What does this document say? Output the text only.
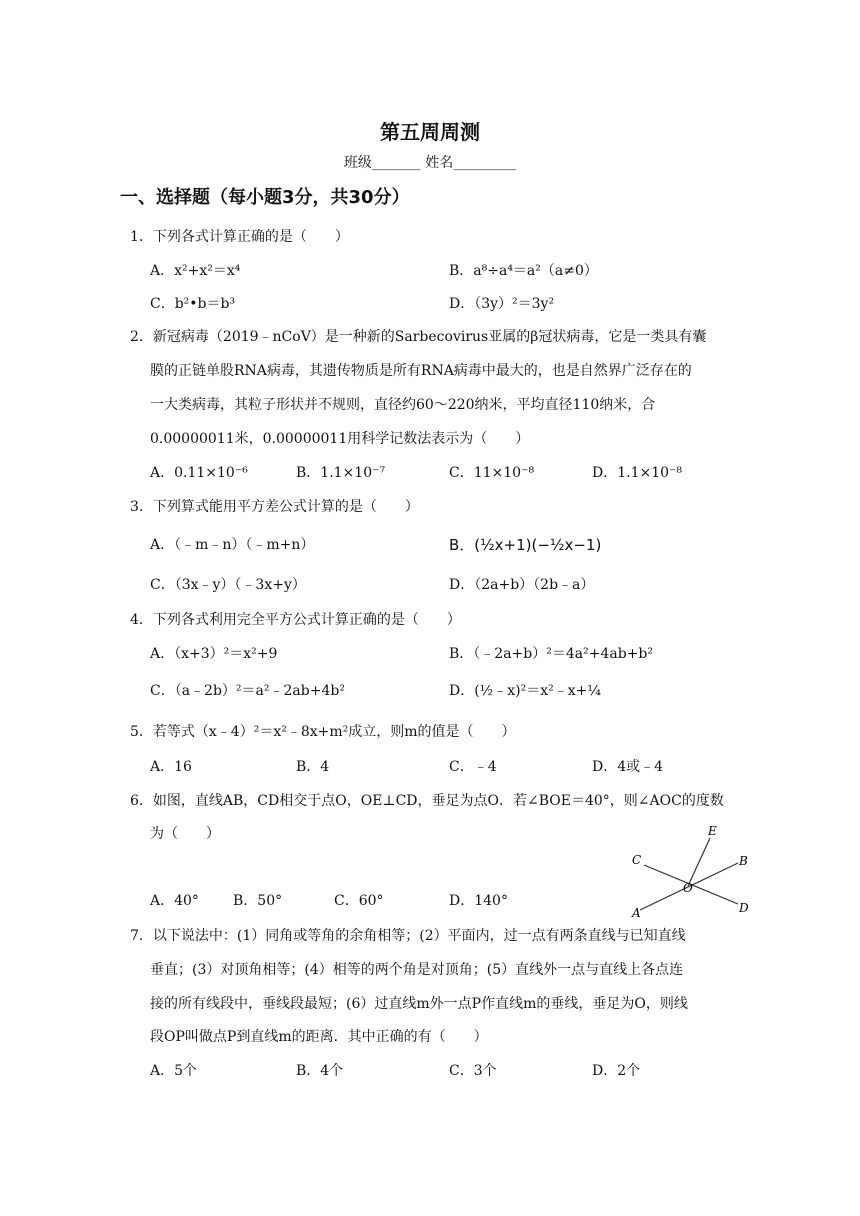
第五周周测
班级_______ 姓名_________
一、选择题（每小题3分，共30分）
1．下列各式计算正确的是（　　）
A．x²+x²＝x⁴	B．a⁸÷a⁴＝a²（a≠0）
C．b²•b＝b³	D．（3y）²＝3y²
2．新冠病毒（2019﹣nCoV）是一种新的Sarbecovirus亚属的β冠状病毒，它是一类具有囊
膜的正链单股RNA病毒，其遗传物质是所有RNA病毒中最大的，也是自然界广泛存在的
一大类病毒，其粒子形状并不规则，直径约60～220纳米，平均直径110纳米，合
0.00000011米，0.00000011用科学记数法表示为（　　）
A．0.11×10⁻⁶	B．1.1×10⁻⁷	C．11×10⁻⁸	D．1.1×10⁻⁸
3．下列算式能用平方差公式计算的是（　　）
A．（﹣m﹣n）（﹣m+n）	B．(½x+1)(−½x−1)
C．（3x﹣y）（﹣3x+y）	D．（2a+b）（2b﹣a）
4．下列各式利用完全平方公式计算正确的是（　　）
A．（x+3）²＝x²+9	B．（﹣2a+b）²＝4a²+4ab+b²
C．（a﹣2b）²＝a²﹣2ab+4b²	D．(½﹣x)²＝x²﹣x+¼
5．若等式（x﹣4）²＝x²﹣8x+m²成立，则m的值是（　　）
A．16	B．4	C．﹣4	D．4或﹣4
6．如图，直线AB，CD相交于点O，OE⊥CD，垂足为点O．若∠BOE＝40°，则∠AOC的度数
为（　　）
A．40° B．50°	C．60°	D．140°
E
C	B
O
A	D
7．以下说法中：(1）同角或等角的余角相等；(2）平面内，过一点有两条直线与已知直线
垂直；(3）对顶角相等；(4）相等的两个角是对顶角；(5）直线外一点与直线上各点连
接的所有线段中，垂线段最短；(6）过直线m外一点P作直线m的垂线，垂足为O，则线
段OP叫做点P到直线m的距离．其中正确的有（　　）
A．5个	B．4个	C．3个	D．2个
